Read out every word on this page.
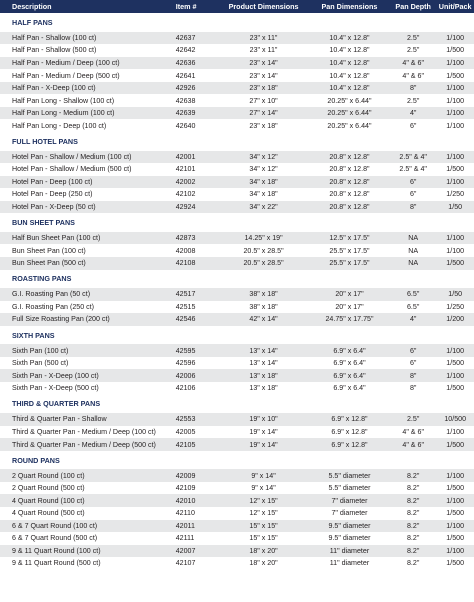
Description	Item #	Product Dimensions	Pan Dimensions	Pan Depth	Unit/Pack
HALF PANS
Half Pan - Shallow (100 ct)	42637	23" x 11"	10.4" x 12.8"	2.5"	1/100
Half Pan - Shallow (500 ct)	42642	23" x 11"	10.4" x 12.8"	2.5"	1/500
Half Pan - Medium / Deep (100 ct)	42636	23" x 14"	10.4" x 12.8"	4" & 6"	1/100
Half Pan - Medium / Deep (500 ct)	42641	23" x 14"	10.4" x 12.8"	4" & 6"	1/500
Half Pan - X-Deep (100 ct)	42926	23" x 18"	10.4" x 12.8"	8"	1/100
Half Pan Long - Shallow (100 ct)	42638	27" x 10"	20.25" x 6.44"	2.5"	1/100
Half Pan Long - Medium (100 ct)	42639	27" x 14"	20.25" x 6.44"	4"	1/100
Half Pan Long - Deep (100 ct)	42640	23" x 18"	20.25" x 6.44"	6"	1/100
FULL HOTEL PANS
Hotel Pan - Shallow / Medium (100 ct)	42001	34" x 12"	20.8" x 12.8"	2.5" & 4"	1/100
Hotel Pan - Shallow / Medium (500 ct)	42101	34" x 12"	20.8" x 12.8"	2.5" & 4"	1/500
Hotel Pan - Deep (100 ct)	42002	34" x 18"	20.8" x 12.8"	6"	1/100
Hotel Pan - Deep (250 ct)	42102	34" x 18"	20.8" x 12.8"	6"	1/250
Hotel Pan - X-Deep (50 ct)	42924	34" x 22"	20.8" x 12.8"	8"	1/50
BUN SHEET PANS
Half Bun Sheet Pan (100 ct)	42873	14.25" x 19"	12.5" x 17.5"	NA	1/100
Bun Sheet Pan (100 ct)	42008	20.5" x 28.5"	25.5" x 17.5"	NA	1/100
Bun Sheet Pan (500 ct)	42108	20.5" x 28.5"	25.5" x 17.5"	NA	1/500
ROASTING PANS
G.I. Roasting Pan (50 ct)	42517	38" x 18"	20" x 17"	6.5"	1/50
G.I. Roasting Pan (250 ct)	42515	38" x 18"	20" x 17"	6.5"	1/250
Full Size Roasting Pan (200 ct)	42546	42" x 14"	24.75" x 17.75"	4"	1/200
SIXTH PANS
Sixth Pan (100 ct)	42595	13" x 14"	6.9" x 6.4"	6"	1/100
Sixth Pan (500 ct)	42596	13" x 14"	6.9" x 6.4"	6"	1/500
Sixth Pan - X-Deep (100 ct)	42006	13" x 18"	6.9" x 6.4"	8"	1/100
Sixth Pan - X-Deep (500 ct)	42106	13" x 18"	6.9" x 6.4"	8"	1/500
THIRD & QUARTER PANS
Third & Quarter Pan - Shallow	42553	19" x 10"	6.9" x 12.8"	2.5"	10/500
Third & Quarter Pan - Medium / Deep (100 ct)	42005	19" x 14"	6.9" x 12.8"	4" & 6"	1/100
Third & Quarter Pan - Medium / Deep (500 ct)	42105	19" x 14"	6.9" x 12.8"	4" & 6"	1/500
ROUND PANS
2 Quart Round (100 ct)	42009	9" x 14"	5.5" diameter	8.2"	1/100
2 Quart Round (500 ct)	42109	9" x 14"	5.5" diameter	8.2"	1/500
4 Quart Round (100 ct)	42010	12" x 15"	7" diameter	8.2"	1/100
4 Quart Round (500 ct)	42110	12" x 15"	7" diameter	8.2"	1/500
6 & 7 Quart Round (100 ct)	42011	15" x 15"	9.5" diameter	8.2"	1/100
6 & 7 Quart Round (500 ct)	42111	15" x 15"	9.5" diameter	8.2"	1/500
9 & 11 Quart Round (100 ct)	42007	18" x 20"	11" diameter	8.2"	1/100
9 & 11 Quart Round (500 ct)	42107	18" x 20"	11" diameter	8.2"	1/500
